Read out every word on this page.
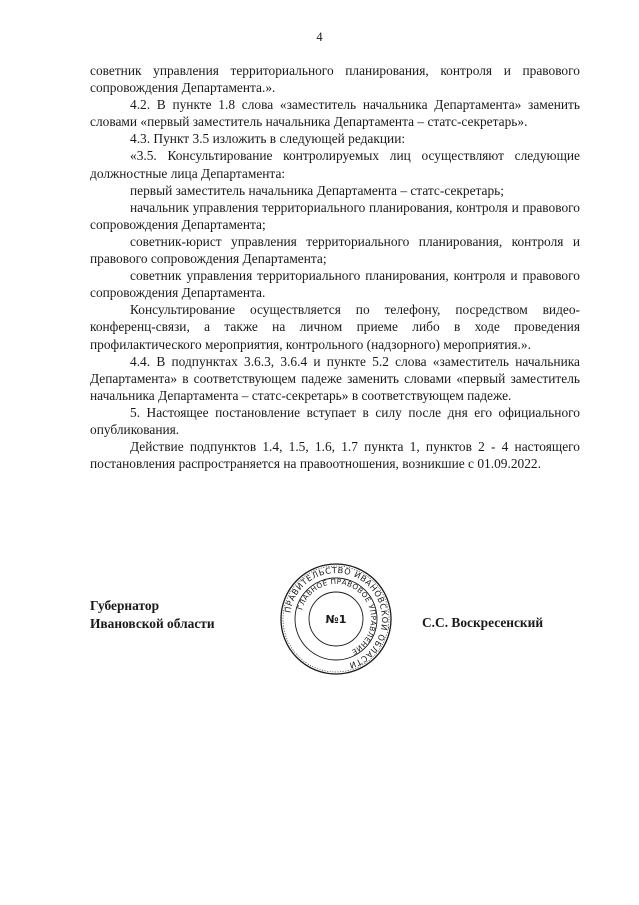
4

советник управления территориального планирования, контроля и правового сопровождения Департамента.».

4.2. В пункте 1.8 слова «заместитель начальника Департамента» заменить словами «первый заместитель начальника Департамента – статс-секретарь».

4.3. Пункт 3.5 изложить в следующей редакции:

«3.5. Консультирование контролируемых лиц осуществляют следующие должностные лица Департамента:

первый заместитель начальника Департамента – статс-секретарь;

начальник управления территориального планирования, контроля и правового сопровождения Департамента;

советник-юрист управления территориального планирования, контроля и правового сопровождения Департамента;

советник управления территориального планирования, контроля и правового сопровождения Департамента.

Консультирование осуществляется по телефону, посредством видео-конференц-связи, а также на личном приеме либо в ходе проведения профилактического мероприятия, контрольного (надзорного) мероприятия.».

4.4. В подпунктах 3.6.3, 3.6.4 и пункте 5.2 слова «заместитель начальника Департамента» в соответствующем падеже заменить словами «первый заместитель начальника Департамента – статс-секретарь» в соответствующем падеже.

5. Настоящее постановление вступает в силу после дня его официального опубликования.

Действие подпунктов 1.4, 1.5, 1.6, 1.7 пункта 1, пунктов 2 - 4 настоящего постановления распространяется на правоотношения, возникшие с 01.09.2022.

Губернатор
Ивановской области	С.С. Воскресенский
ПРАВИТЕЛЬСТВО ИВАНОВСКОЙ ОБЛАСТИ
ГЛАВНОЕ ПРАВОВОЕ УПРАВЛЕНИЕ
№1
